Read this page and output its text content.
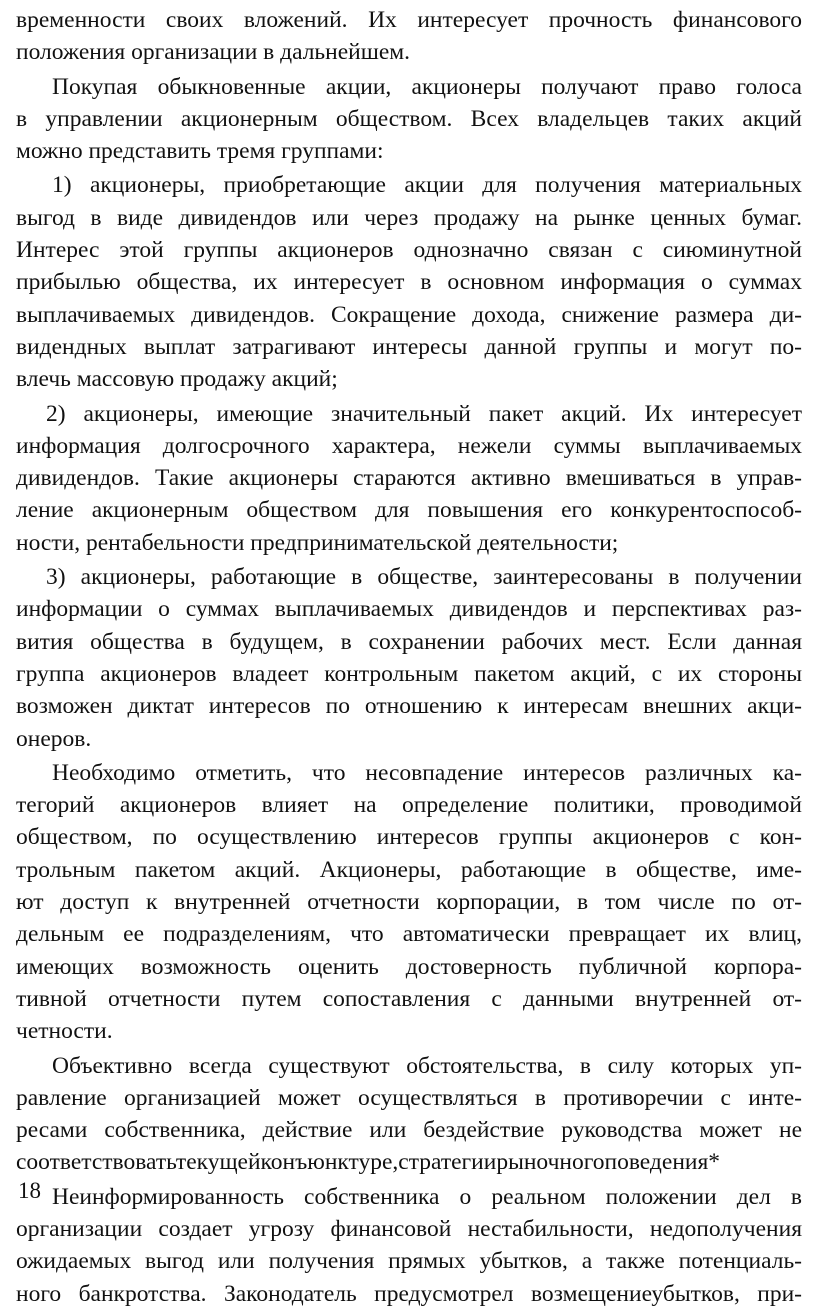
временности своих вложений. Их интересует прочность финансового
положения организации в дальнейшем.
Покупая обыкновенные акции, акционеры получают право голоса
в управлении акционерным обществом. Всех владельцев таких акций
можно представить тремя группами:
1) акционеры, приобретающие акции для получения материальных
выгод в виде дивидендов или через продажу на рынке ценных бумаг.
Интерес этой группы акционеров однозначно связан с сиюминутной
прибылью общества, их интересует в основном информация о суммах
выплачиваемых дивидендов. Сокращение дохода, снижение размера ди-
видендных выплат затрагивают интересы данной группы и могут по-
влечь массовую продажу акций;
2) акционеры, имеющие значительный пакет акций. Их интересует
информация долгосрочного характера, нежели суммы выплачиваемых
дивидендов. Такие акционеры стараются активно вмешиваться в управ-
ление акционерным обществом для повышения его конкурентоспособ-
ности, рентабельности предпринимательской деятельности;
3) акционеры, работающие в обществе, заинтересованы в получении
информации о суммах выплачиваемых дивидендов и перспективах раз-
вития общества в будущем, в сохранении рабочих мест. Если данная
группа акционеров владеет контрольным пакетом акций, с их стороны
возможен диктат интересов по отношению к интересам внешних акци-
онеров.
Необходимо отметить, что несовпадение интересов различных ка-
тегорий акционеров влияет на определение политики, проводимой
обществом, по осуществлению интересов группы акционеров с кон-
трольным пакетом акций. Акционеры, работающие в обществе, име-
ют доступ к внутренней отчетности корпорации, в том числе по от-
дельным ее подразделениям, что автоматически превращает их влиц,
имеющих возможность оценить достоверность публичной корпора-
тивной отчетности путем сопоставления с данными внутренней от-
четности.
Объективно всегда существуют обстоятельства, в силу которых уп-
равление организацией может осуществляться в противоречии с инте-
ресами собственника, действие или бездействие руководства может не
соответствоватьтекущейконъюнктуре,стратегиирыночногоповедения*
Неинформированность собственника о реальном положении дел в
организации создает угрозу финансовой нестабильности, недополучения
ожидаемых выгод или получения прямых убытков, а также потенциаль-
ного банкротства. Законодатель предусмотрел возмещениеубытков, при-
18
